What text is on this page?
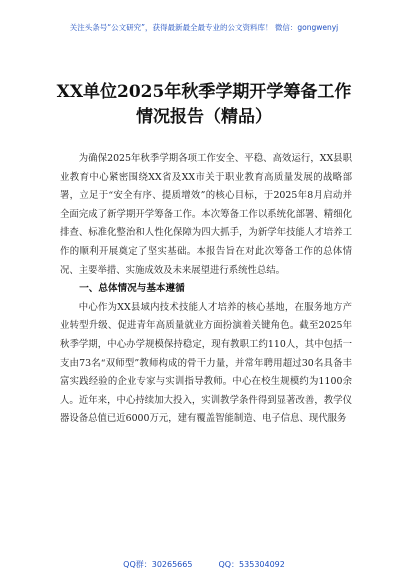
关注头条号“公文研究”，获得最新最全最专业的公文资料库！ 微信：gongwenyj
XX单位2025年秋季学期开学筹备工作
情况报告（精品）

为确保2025年秋季学期各项工作安全、平稳、高效运行，XX县职业教育中心紧密围绕XX省及XX市关于职业教育高质量发展的战略部署，立足于“安全有序、提质增效”的核心目标，于2025年8月启动并全面完成了新学期开学筹备工作。本次筹备工作以系统化部署、精细化排查、标准化整治和人性化保障为四大抓手，为新学年技能人才培养工作的顺利开展奠定了坚实基础。本报告旨在对此次筹备工作的总体情况、主要举措、实施成效及未来展望进行系统性总结。

一、总体情况与基本遵循

中心作为XX县域内技术技能人才培养的核心基地，在服务地方产业转型升级、促进青年高质量就业方面扮演着关键角色。截至2025年秋季学期，中心办学规模保持稳定，现有教职工约110人，其中包括一支由73名“双师型”教师构成的骨干力量，并常年聘用超过30名具备丰富实践经验的企业专家与实训指导教师。中心在校生规模约为1100余人。近年来，中心持续加大投入，实训教学条件得到显著改善，教学仪器设备总值已近6000万元，建有覆盖智能制造、电子信息、现代服务

QQ群：30265665	QQ：535304092
